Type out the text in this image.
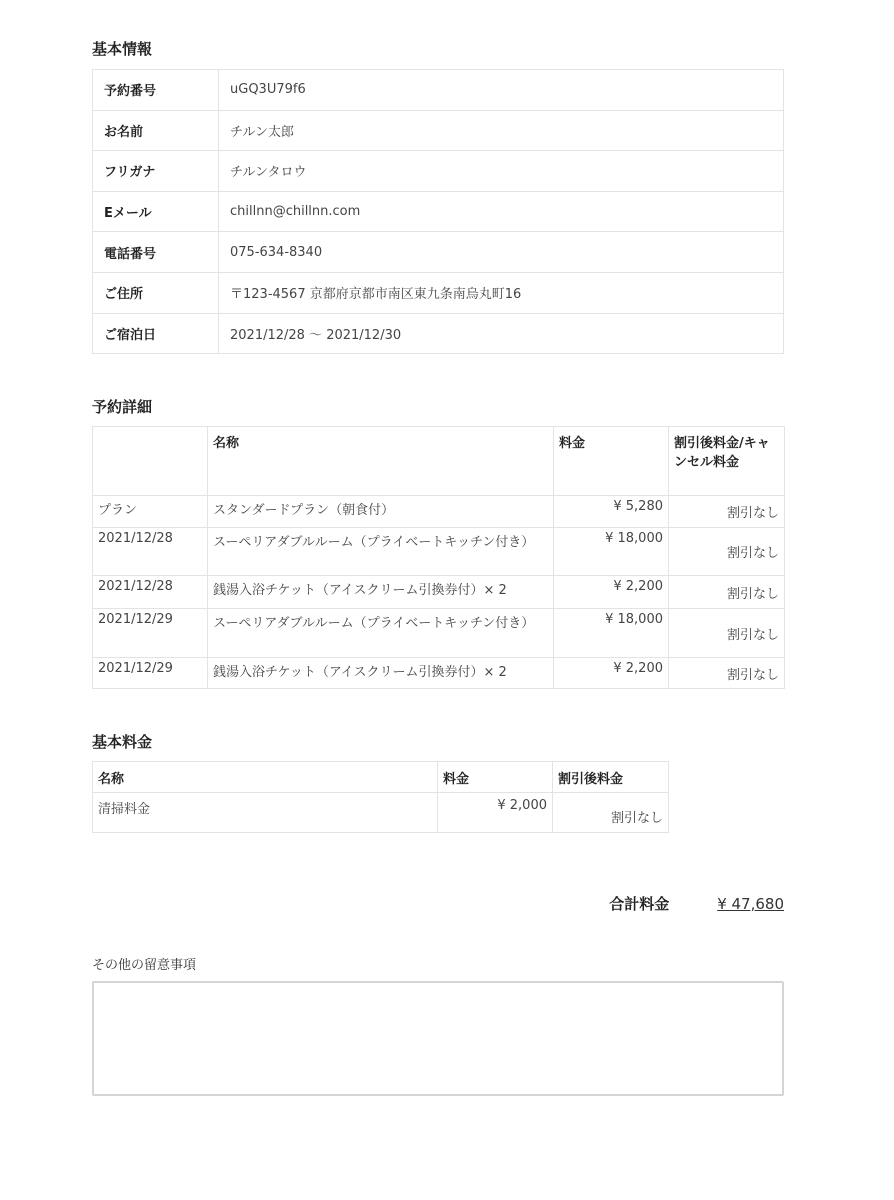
基本情報
予約番号	uGQ3U79f6
お名前	チルン太郎
フリガナ	チルンタロウ
Eメール	chillnn@chillnn.com
電話番号	075-634-8340
ご住所	〒123-4567 京都府京都市南区東九条南烏丸町16
ご宿泊日	2021/12/28 〜 2021/12/30
予約詳細
	名称	料金	割引後料金/キャンセル料金
プラン	スタンダードプラン（朝食付）	¥ 5,280	割引なし
2021/12/28	スーペリアダブルルーム（プライベートキッチン付き）	¥ 18,000	割引なし
2021/12/28	銭湯入浴チケット（アイスクリーム引換券付）× 2	¥ 2,200	割引なし
2021/12/29	スーペリアダブルルーム（プライベートキッチン付き）	¥ 18,000	割引なし
2021/12/29	銭湯入浴チケット（アイスクリーム引換券付）× 2	¥ 2,200	割引なし
基本料金
名称	料金	割引後料金
清掃料金	¥ 2,000	割引なし
合計料金	¥ 47,680
その他の留意事項
